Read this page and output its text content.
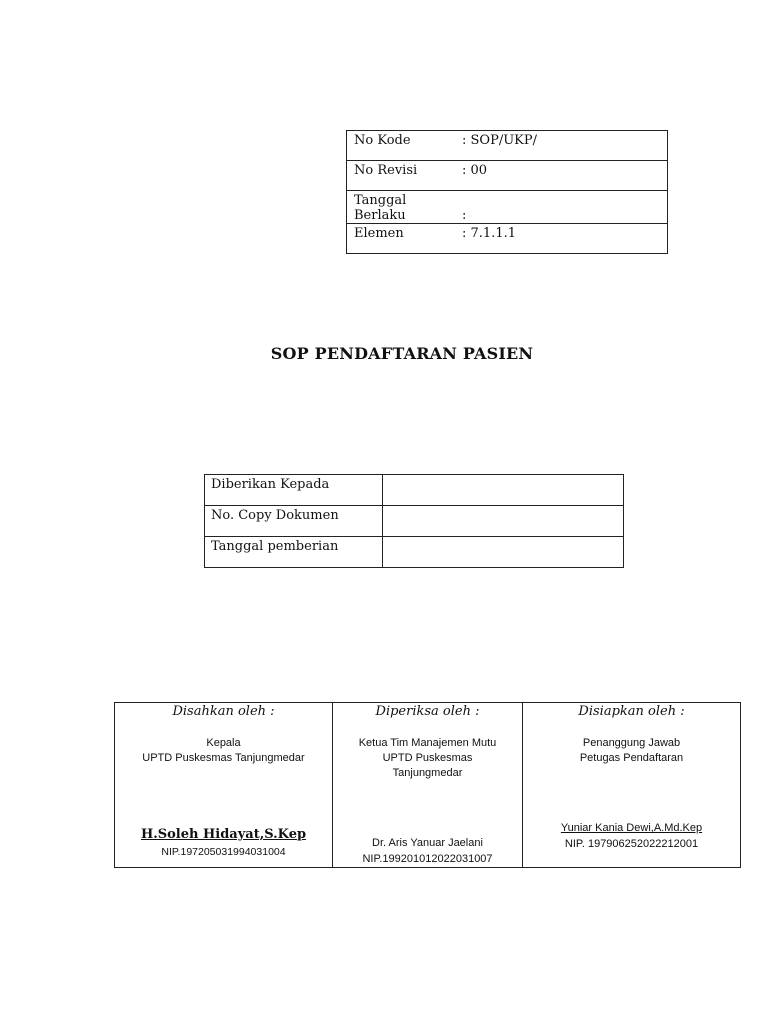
No Kode	: SOP/UKP/
No Revisi	: 00
Tanggal Berlaku	:
Elemen	: 7.1.1.1
SOP PENDAFTARAN PASIEN
Diberikan Kepada	
No. Copy Dokumen	
Tanggal pemberian	
Disahkan oleh :
Kepala
UPTD Puskesmas Tanjungmedar
H.Soleh Hidayat,S.Kep
NIP.197205031994031004

Diperiksa oleh :
Ketua Tim Manajemen Mutu
UPTD Puskesmas
Tanjungmedar
Dr. Aris Yanuar Jaelani
NIP.199201012022031007

Disiapkan oleh :
Penanggung Jawab
Petugas Pendaftaran
Yuniar Kania Dewi,A.Md.Kep
NIP. 197906252022212001
